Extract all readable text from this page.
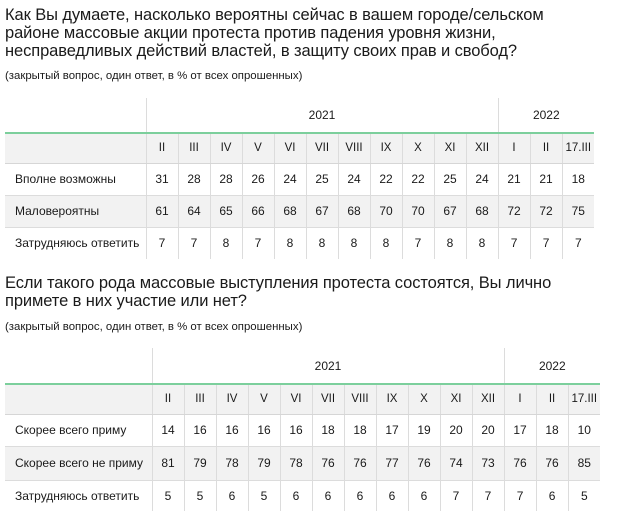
Как Вы думаете, насколько вероятны сейчас в вашем городе/сельском
районе массовые акции протеста против падения уровня жизни,
несправедливых действий властей, в защиту своих прав и свобод?

(закрытый вопрос, один ответ, в % от всех опрошенных)

	2021											2022		
	II	III	IV	V	VI	VII	VIII	IX	X	XI	XII	I	II	17.III
Вполне возможны	31	28	28	26	24	25	24	22	22	25	24	21	21	18
Маловероятны	61	64	65	66	68	67	68	70	70	67	68	72	72	75
Затрудняюсь ответить	7	7	8	7	8	8	8	8	7	8	8	7	7	7
Если такого рода массовые выступления протеста состоятся, Вы лично
примете в них участие или нет?

(закрытый вопрос, один ответ, в % от всех опрошенных)

	2021											2022		
	II	III	IV	V	VI	VII	VIII	IX	X	XI	XII	I	II	17.III
Скорее всего приму	14	16	16	16	16	18	18	17	19	20	20	17	18	10
Скорее всего не приму	81	79	78	79	78	76	76	77	76	74	73	76	76	85
Затрудняюсь ответить	5	5	6	5	6	6	6	6	6	7	7	7	6	5
